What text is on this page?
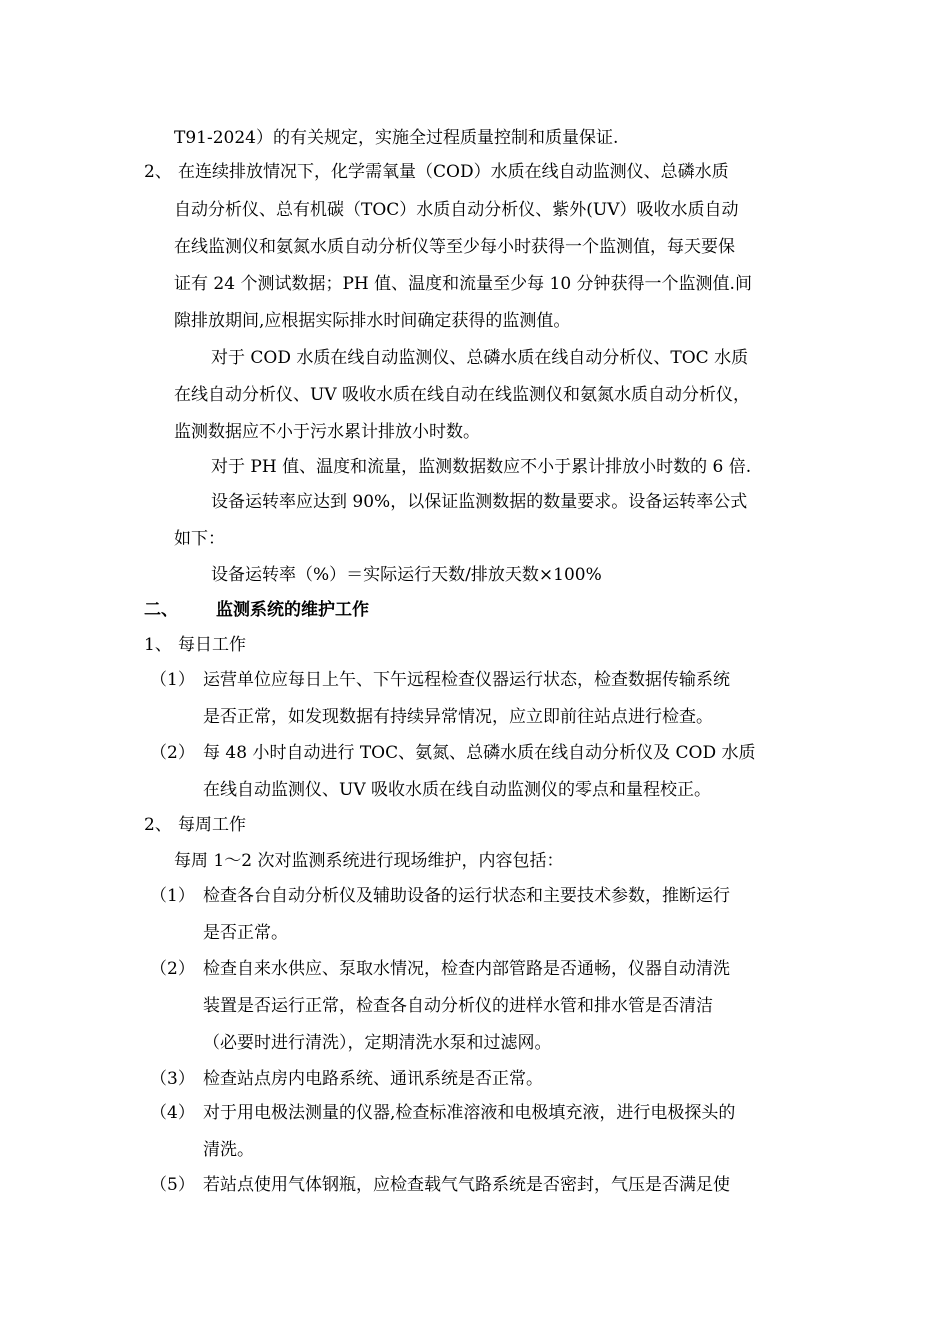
T91-2024）的有关规定，实施全过程质量控制和质量保证.
2、 在连续排放情况下，化学需氧量（COD）水质在线自动监测仪、总磷水质
自动分析仪、总有机碳（TOC）水质自动分析仪、紫外(UV）吸收水质自动
在线监测仪和氨氮水质自动分析仪等至少每小时获得一个监测值，每天要保
证有 24 个测试数据；PH 值、温度和流量至少每 10 分钟获得一个监测值.间
隙排放期间,应根据实际排水时间确定获得的监测值。
对于 COD 水质在线自动监测仪、总磷水质在线自动分析仪、TOC 水质
在线自动分析仪、UV 吸收水质在线自动在线监测仪和氨氮水质自动分析仪，
监测数据应不小于污水累计排放小时数。
对于 PH 值、温度和流量，监测数据数应不小于累计排放小时数的 6 倍.
设备运转率应达到 90%，以保证监测数据的数量要求。设备运转率公式
如下：
设备运转率（%）＝实际运行天数/排放天数×100%
二、 监测系统的维护工作
1、 每日工作
（1） 运营单位应每日上午、下午远程检查仪器运行状态，检查数据传输系统
是否正常，如发现数据有持续异常情况，应立即前往站点进行检查。
（2） 每 48 小时自动进行 TOC、氨氮、总磷水质在线自动分析仪及 COD 水质
在线自动监测仪、UV 吸收水质在线自动监测仪的零点和量程校正。
2、 每周工作
每周 1～2 次对监测系统进行现场维护，内容包括：
（1） 检查各台自动分析仪及辅助设备的运行状态和主要技术参数，推断运行
是否正常。
（2） 检查自来水供应、泵取水情况，检查内部管路是否通畅，仪器自动清洗
装置是否运行正常，检查各自动分析仪的进样水管和排水管是否清洁
（必要时进行清洗），定期清洗水泵和过滤网。
（3） 检查站点房内电路系统、通讯系统是否正常。
（4） 对于用电极法测量的仪器,检查标准溶液和电极填充液，进行电极探头的
清洗。
（5） 若站点使用气体钢瓶，应检查载气气路系统是否密封，气压是否满足使
